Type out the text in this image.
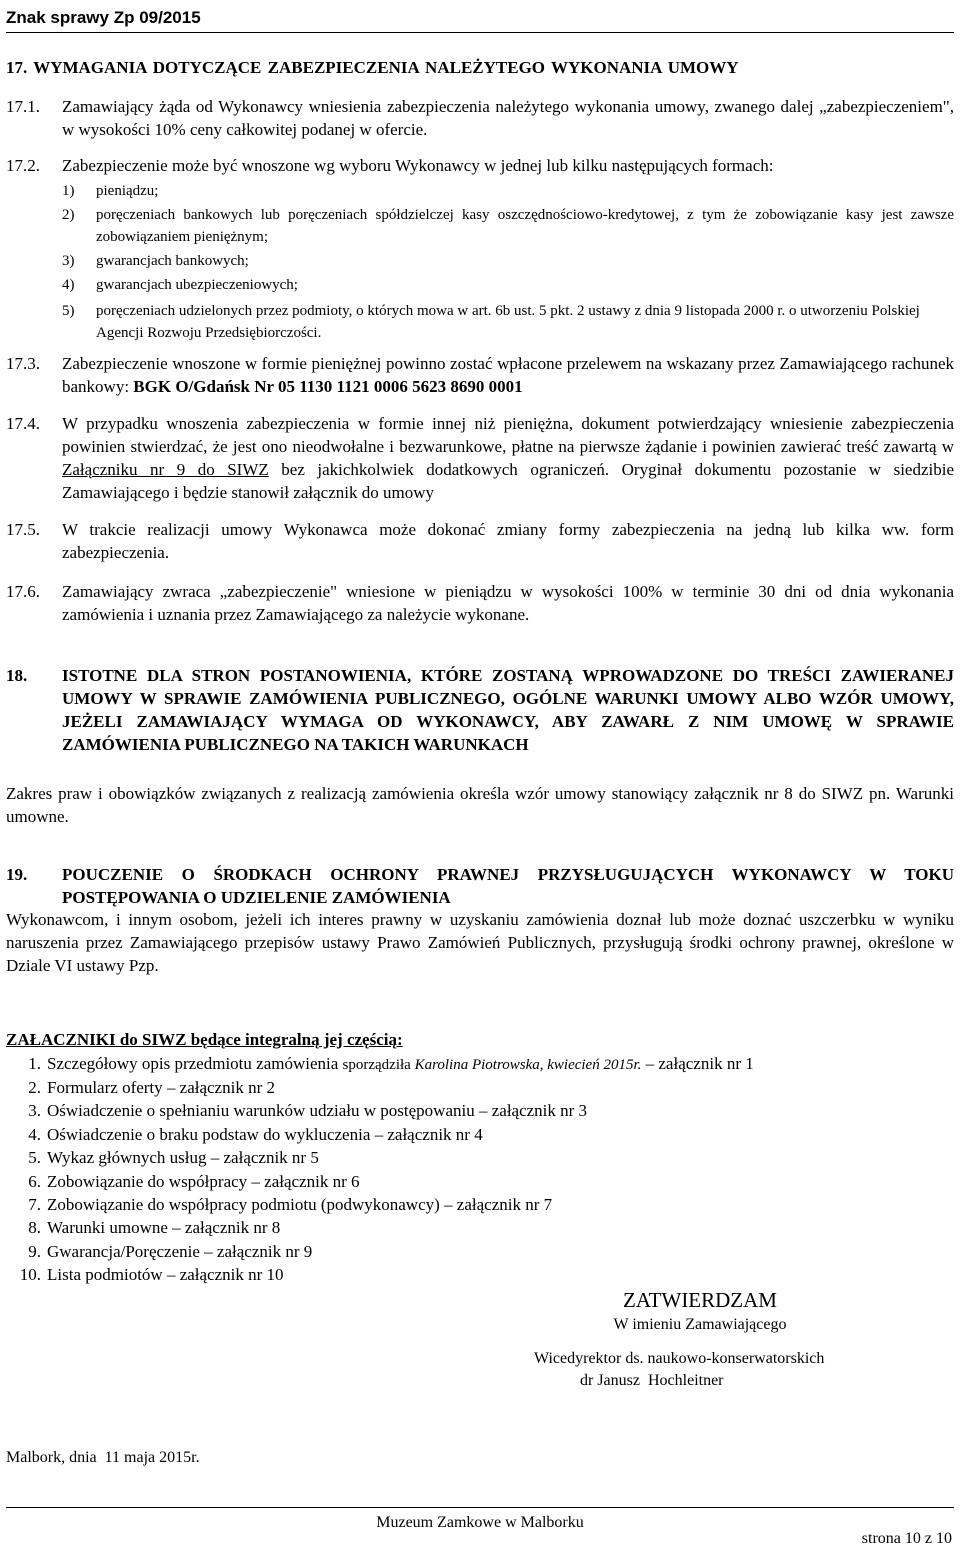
Znak sprawy Zp 09/2015
17. WYMAGANIA DOTYCZĄCE ZABEZPIECZENIA NALEŻYTEGO WYKONANIA UMOWY
17.1. Zamawiający żąda od Wykonawcy wniesienia zabezpieczenia należytego wykonania umowy, zwanego dalej „zabezpieczeniem", w wysokości 10% ceny całkowitej podanej w ofercie.
17.2. Zabezpieczenie może być wnoszone wg wyboru Wykonawcy w jednej lub kilku następujących formach:
1)	pieniądzu;
2)	poręczeniach bankowych lub poręczeniach spółdzielczej kasy oszczędnościowo-kredytowej, z tym że zobowiązanie kasy jest zawsze zobowiązaniem pieniężnym;
3)	gwarancjach bankowych;
4)	gwarancjach ubezpieczeniowych;
5)	poręczeniach udzielonych przez podmioty, o których mowa w art. 6b ust. 5 pkt. 2 ustawy z dnia 9 listopada 2000 r. o utworzeniu Polskiej Agencji Rozwoju Przedsiębiorczości.
17.3. Zabezpieczenie wnoszone w formie pieniężnej powinno zostać wpłacone przelewem na wskazany przez Zamawiającego rachunek bankowy: BGK O/Gdańsk Nr 05 1130 1121 0006 5623 8690 0001
17.4. W przypadku wnoszenia zabezpieczenia w formie innej niż pieniężna, dokument potwierdzający wniesienie zabezpieczenia powinien stwierdzać, że jest ono nieodwołalne i bezwarunkowe, płatne na pierwsze żądanie i powinien zawierać treść zawartą w Załączniku nr 9 do SIWZ bez jakichkolwiek dodatkowych ograniczeń. Oryginał dokumentu pozostanie w siedzibie Zamawiającego i będzie stanowił załącznik do umowy
17.5. W trakcie realizacji umowy Wykonawca może dokonać zmiany formy zabezpieczenia na jedną lub kilka ww. form zabezpieczenia.
17.6. Zamawiający zwraca „zabezpieczenie" wniesione w pieniądzu w wysokości 100% w terminie 30 dni od dnia wykonania zamówienia i uznania przez Zamawiającego za należycie wykonane.
18. ISTOTNE DLA STRON POSTANOWIENIA, KTÓRE ZOSTANĄ WPROWADZONE DO TREŚCI ZAWIERANEJ UMOWY W SPRAWIE ZAMÓWIENIA PUBLICZNEGO, OGÓLNE WARUNKI UMOWY ALBO WZÓR UMOWY, JEŻELI ZAMAWIAJĄCY WYMAGA OD WYKONAWCY, ABY ZAWARŁ Z NIM UMOWĘ W SPRAWIE ZAMÓWIENIA PUBLICZNEGO NA TAKICH WARUNKACH
Zakres praw i obowiązków związanych z realizacją zamówienia określa wzór umowy stanowiący załącznik nr 8 do SIWZ pn. Warunki umowne.
19. POUCZENIE O ŚRODKACH OCHRONY PRAWNEJ PRZYSŁUGUJĄCYCH WYKONAWCY W TOKU POSTĘPOWANIA O UDZIELENIE ZAMÓWIENIA
Wykonawcom, i innym osobom, jeżeli ich interes prawny w uzyskaniu zamówienia doznał lub może doznać uszczerbku w wyniku naruszenia przez Zamawiającego przepisów ustawy Prawo Zamówień Publicznych, przysługują środki ochrony prawnej, określone w Dziale VI ustawy Pzp.
ZAŁACZNIKI do SIWZ będące integralną jej częścią:
1. Szczegółowy opis przedmiotu zamówienia sporządziła Karolina Piotrowska, kwiecień 2015r. – załącznik nr 1
2. Formularz oferty – załącznik nr 2
3. Oświadczenie o spełnianiu warunków udziału w postępowaniu – załącznik nr 3
4. Oświadczenie o braku podstaw do wykluczenia – załącznik nr 4
5. Wykaz głównych usług – załącznik nr 5
6. Zobowiązanie do współpracy – załącznik nr 6
7. Zobowiązanie do współpracy podmiotu (podwykonawcy) – załącznik nr 7
8. Warunki umowne – załącznik nr 8
9. Gwarancja/Poręczenie – załącznik nr 9
10. Lista podmiotów – załącznik nr 10
ZATWIERDZAM
W imieniu Zamawiającego
Wicedyrektor ds. naukowo-konserwatorskich
dr Janusz  Hochleitner
Malbork, dnia  11 maja 2015r.
Muzeum Zamkowe w Malborku
strona 10 z 10
